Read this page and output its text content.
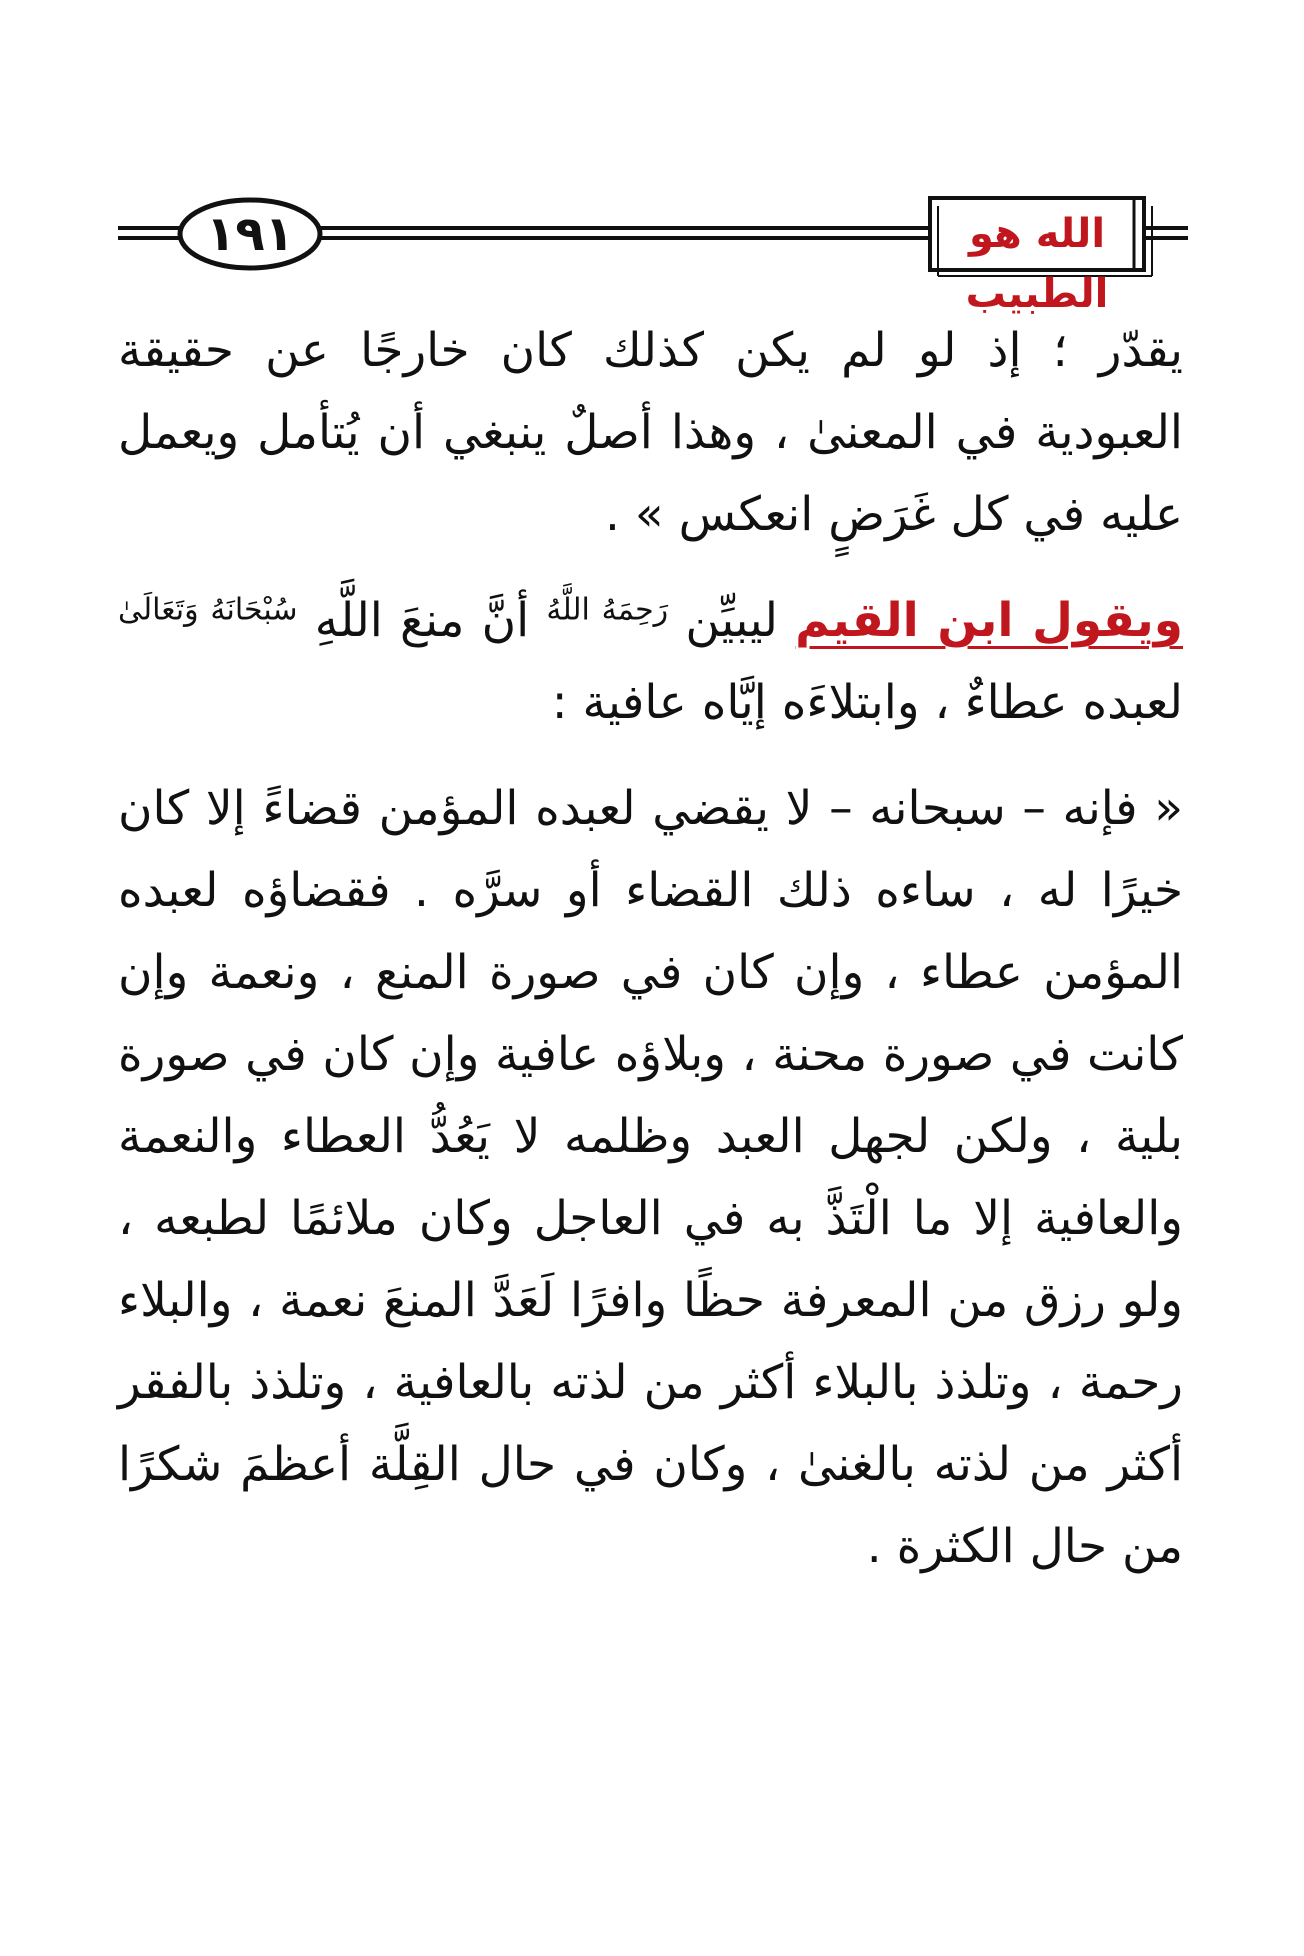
١٩١	الله هو الطبيب

يقدّر ؛ إذ لو لم يكن كذلك كان خارجًا عن حقيقة العبودية في المعنىٰ ، وهذا أصلٌ ينبغي أن يُتأمل ويعمل عليه في كل غَرَضٍ انعكس » .

ويقول ابن القيم ليبيِّن $^{رَحِمَهُ اللَّهُ}$ أنَّ منعَ اللَّهِ $^{سُبْحَانَهُ وَتَعَالَىٰ}$ لعبده عطاءٌ ، وابتلاءَه إيَّاه عافية :

« فإنه – سبحانه – لا يقضي لعبده المؤمن قضاءً إلا كان خيرًا له ، ساءه ذلك القضاء أو سرَّه . فقضاؤه لعبده المؤمن عطاء ، وإن كان في صورة المنع ، ونعمة وإن كانت في صورة محنة ، وبلاؤه عافية وإن كان في صورة بلية ، ولكن لجهل العبد وظلمه لا يَعُدُّ العطاء والنعمة والعافية إلا ما الْتَذَّ به في العاجل وكان ملائمًا لطبعه ، ولو رزق من المعرفة حظًا وافرًا لَعَدَّ المنعَ نعمة ، والبلاء رحمة ، وتلذذ بالبلاء أكثر من لذته بالعافية ، وتلذذ بالفقر أكثر من لذته بالغنىٰ ، وكان في حال القِلَّة أعظمَ شكرًا من حال الكثرة .
